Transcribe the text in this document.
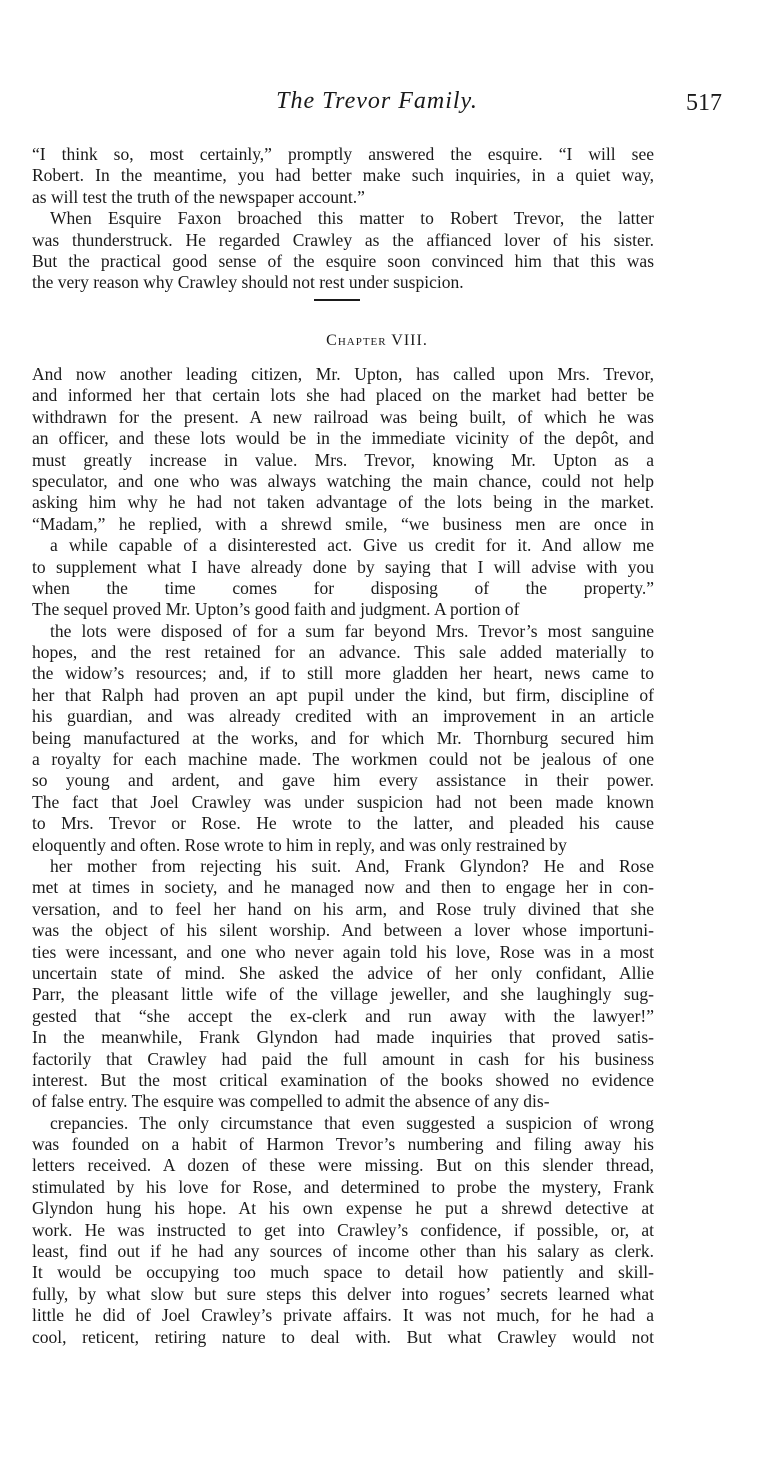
The Trevor Family.	517
“I think so, most certainly,” promptly answered the esquire. “I will see
Robert. In the meantime, you had better make such inquiries, in a quiet way,
as will test the truth of the newspaper account.”
When Esquire Faxon broached this matter to Robert Trevor, the latter
was thunderstruck. He regarded Crawley as the affianced lover of his sister.
But the practical good sense of the esquire soon convinced him that this was
the very reason why Crawley should not rest under suspicion.
Chapter VIII.
And now another leading citizen, Mr. Upton, has called upon Mrs. Trevor,
and informed her that certain lots she had placed on the market had better be
withdrawn for the present. A new railroad was being built, of which he was
an officer, and these lots would be in the immediate vicinity of the depôt, and
must greatly increase in value. Mrs. Trevor, knowing Mr. Upton as a
speculator, and one who was always watching the main chance, could not help
asking him why he had not taken advantage of the lots being in the market.
“Madam,” he replied, with a shrewd smile, “we business men are once in
a while capable of a disinterested act. Give us credit for it. And allow me
to supplement what I have already done by saying that I will advise with you
when the time comes for disposing of the property.”
The sequel proved Mr. Upton’s good faith and judgment. A portion of
the lots were disposed of for a sum far beyond Mrs. Trevor’s most sanguine
hopes, and the rest retained for an advance. This sale added materially to
the widow’s resources; and, if to still more gladden her heart, news came to
her that Ralph had proven an apt pupil under the kind, but firm, discipline of
his guardian, and was already credited with an improvement in an article
being manufactured at the works, and for which Mr. Thornburg secured him
a royalty for each machine made. The workmen could not be jealous of one
so young and ardent, and gave him every assistance in their power.
The fact that Joel Crawley was under suspicion had not been made known
to Mrs. Trevor or Rose. He wrote to the latter, and pleaded his cause
eloquently and often. Rose wrote to him in reply, and was only restrained by
her mother from rejecting his suit. And, Frank Glyndon? He and Rose
met at times in society, and he managed now and then to engage her in con-
versation, and to feel her hand on his arm, and Rose truly divined that she
was the object of his silent worship. And between a lover whose importuni-
ties were incessant, and one who never again told his love, Rose was in a most
uncertain state of mind. She asked the advice of her only confidant, Allie
Parr, the pleasant little wife of the village jeweller, and she laughingly sug-
gested that “she accept the ex-clerk and run away with the lawyer!”
In the meanwhile, Frank Glyndon had made inquiries that proved satis-
factorily that Crawley had paid the full amount in cash for his business
interest. But the most critical examination of the books showed no evidence
of false entry. The esquire was compelled to admit the absence of any dis-
crepancies. The only circumstance that even suggested a suspicion of wrong
was founded on a habit of Harmon Trevor’s numbering and filing away his
letters received. A dozen of these were missing. But on this slender thread,
stimulated by his love for Rose, and determined to probe the mystery, Frank
Glyndon hung his hope. At his own expense he put a shrewd detective at
work. He was instructed to get into Crawley’s confidence, if possible, or, at
least, find out if he had any sources of income other than his salary as clerk.
It would be occupying too much space to detail how patiently and skill-
fully, by what slow but sure steps this delver into rogues’ secrets learned what
little he did of Joel Crawley’s private affairs. It was not much, for he had a
cool, reticent, retiring nature to deal with. But what Crawley would not
